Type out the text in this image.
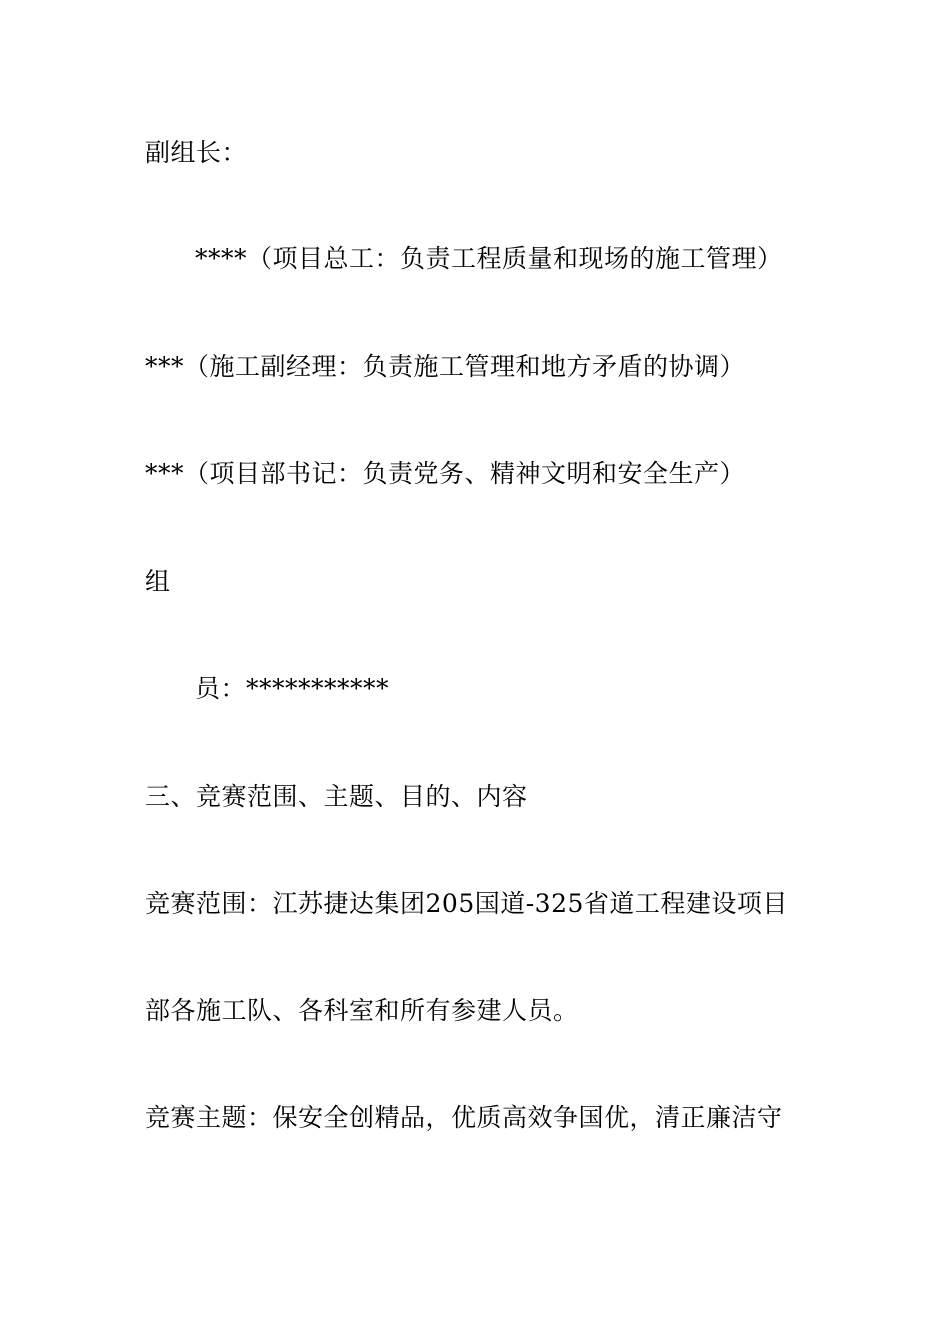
副组长：
****（项目总工：负责工程质量和现场的施工管理）
***（施工副经理：负责施工管理和地方矛盾的协调）
***（项目部书记：负责党务、精神文明和安全生产）
组
员：***********
三、竞赛范围、主题、目的、内容
竞赛范围：江苏捷达集团205国道-325省道工程建设项目
部各施工队、各科室和所有参建人员。
竞赛主题：保安全创精品，优质高效争国优，清正廉洁守
